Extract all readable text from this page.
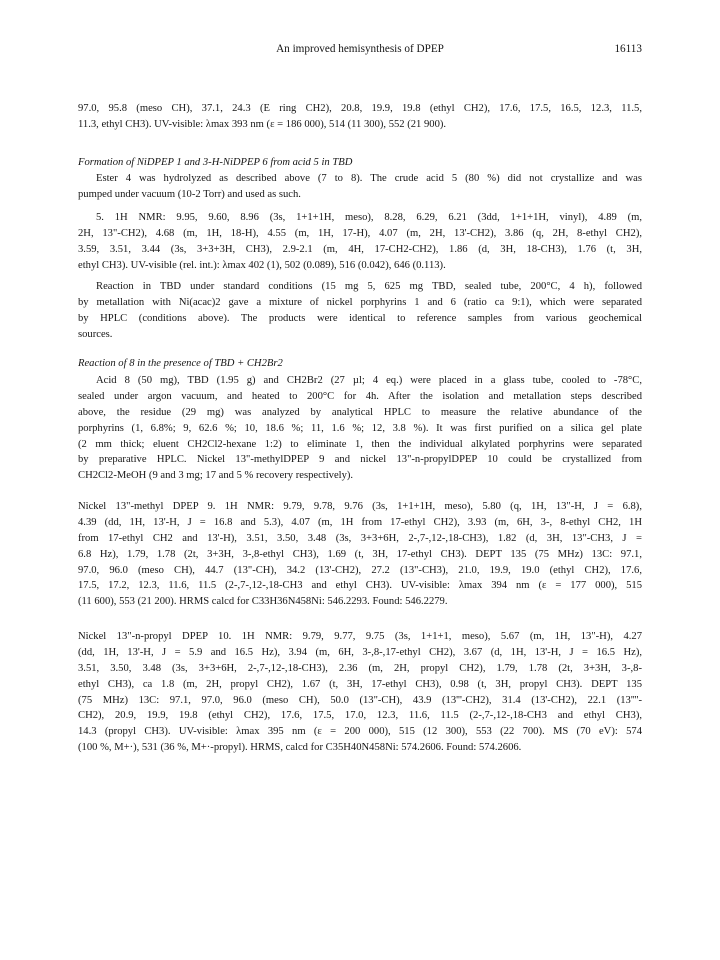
An improved hemisynthesis of DPEP	16113
97.0, 95.8 (meso CH), 37.1, 24.3 (E ring CH2), 20.8, 19.9, 19.8 (ethyl CH2), 17.6, 17.5, 16.5, 12.3, 11.5,
11.3, ethyl CH3). UV-visible: λmax 393 nm (ε = 186 000), 514 (11 300), 552 (21 900).
Formation of NiDPEP 1 and 3-H-NiDPEP 6 from acid 5 in TBD
Ester 4 was hydrolyzed as described above (7 to 8). The crude acid 5 (80 %) did not crystallize and was
pumped under vacuum (10-2 Torr) and used as such.
5. 1H NMR: 9.95, 9.60, 8.96 (3s, 1+1+1H, meso), 8.28, 6.29, 6.21 (3dd, 1+1+1H, vinyl), 4.89 (m,
2H, 13"-CH2), 4.68 (m, 1H, 18-H), 4.55 (m, 1H, 17-H), 4.07 (m, 2H, 13'-CH2), 3.86 (q, 2H, 8-ethyl CH2),
3.59, 3.51, 3.44 (3s, 3+3+3H, CH3), 2.9-2.1 (m, 4H, 17-CH2-CH2), 1.86 (d, 3H, 18-CH3), 1.76 (t, 3H,
ethyl CH3). UV-visible (rel. int.): λmax 402 (1), 502 (0.089), 516 (0.042), 646 (0.113).
Reaction in TBD under standard conditions (15 mg 5, 625 mg TBD, sealed tube, 200°C, 4 h), followed
by metallation with Ni(acac)2 gave a mixture of nickel porphyrins 1 and 6 (ratio ca 9:1), which were separated
by HPLC (conditions above). The products were identical to reference samples from various geochemical
sources.
Reaction of 8 in the presence of TBD + CH2Br2
Acid 8 (50 mg), TBD (1.95 g) and CH2Br2 (27 µl; 4 eq.) were placed in a glass tube, cooled to -78°C,
sealed under argon vacuum, and heated to 200°C for 4h. After the isolation and metallation steps described
above, the residue (29 mg) was analyzed by analytical HPLC to measure the relative abundance of the
porphyrins (1, 6.8%; 9, 62.6 %; 10, 18.6 %; 11, 1.6 %; 12, 3.8 %). It was first purified on a silica gel plate
(2 mm thick; eluent CH2Cl2-hexane 1:2) to eliminate 1, then the individual alkylated porphyrins were separated
by preparative HPLC. Nickel 13"-methylDPEP 9 and nickel 13"-n-propylDPEP 10 could be crystallized from
CH2Cl2-MeOH (9 and 3 mg; 17 and 5 % recovery respectively).
Nickel 13"-methyl DPEP 9. 1H NMR: 9.79, 9.78, 9.76 (3s, 1+1+1H, meso), 5.80 (q, 1H, 13"-H, J = 6.8),
4.39 (dd, 1H, 13'-H, J = 16.8 and 5.3), 4.07 (m, 1H from 17-ethyl CH2), 3.93 (m, 6H, 3-, 8-ethyl CH2, 1H
from 17-ethyl CH2 and 13'-H), 3.51, 3.50, 3.48 (3s, 3+3+6H, 2-,7-,12-,18-CH3), 1.82 (d, 3H, 13"-CH3, J =
6.8 Hz), 1.79, 1.78 (2t, 3+3H, 3-,8-ethyl CH3), 1.69 (t, 3H, 17-ethyl CH3). DEPT 135 (75 MHz) 13C: 97.1,
97.0, 96.0 (meso CH), 44.7 (13"-CH), 34.2 (13'-CH2), 27.2 (13"-CH3), 21.0, 19.9, 19.0 (ethyl CH2), 17.6,
17.5, 17.2, 12.3, 11.6, 11.5 (2-,7-,12-,18-CH3 and ethyl CH3). UV-visible: λmax 394 nm (ε = 177 000), 515
(11 600), 553 (21 200). HRMS calcd for C33H36N458Ni: 546.2293. Found: 546.2279.
Nickel 13"-n-propyl DPEP 10. 1H NMR: 9.79, 9.77, 9.75 (3s, 1+1+1, meso), 5.67 (m, 1H, 13"-H), 4.27
(dd, 1H, 13'-H, J = 5.9 and 16.5 Hz), 3.94 (m, 6H, 3-,8-,17-ethyl CH2), 3.67 (d, 1H, 13'-H, J = 16.5 Hz),
3.51, 3.50, 3.48 (3s, 3+3+6H, 2-,7-,12-,18-CH3), 2.36 (m, 2H, propyl CH2), 1.79, 1.78 (2t, 3+3H, 3-,8-
ethyl CH3), ca 1.8 (m, 2H, propyl CH2), 1.67 (t, 3H, 17-ethyl CH3), 0.98 (t, 3H, propyl CH3). DEPT 135
(75 MHz) 13C: 97.1, 97.0, 96.0 (meso CH), 50.0 (13"-CH), 43.9 (13'''-CH2), 31.4 (13'-CH2), 22.1 (13''''-
CH2), 20.9, 19.9, 19.8 (ethyl CH2), 17.6, 17.5, 17.0, 12.3, 11.6, 11.5 (2-,7-,12-,18-CH3 and ethyl CH3),
14.3 (propyl CH3). UV-visible: λmax 395 nm (ε = 200 000), 515 (12 300), 553 (22 700). MS (70 eV): 574
(100 %, M+·), 531 (36 %, M+·-propyl). HRMS, calcd for C35H40N458Ni: 574.2606. Found: 574.2606.
